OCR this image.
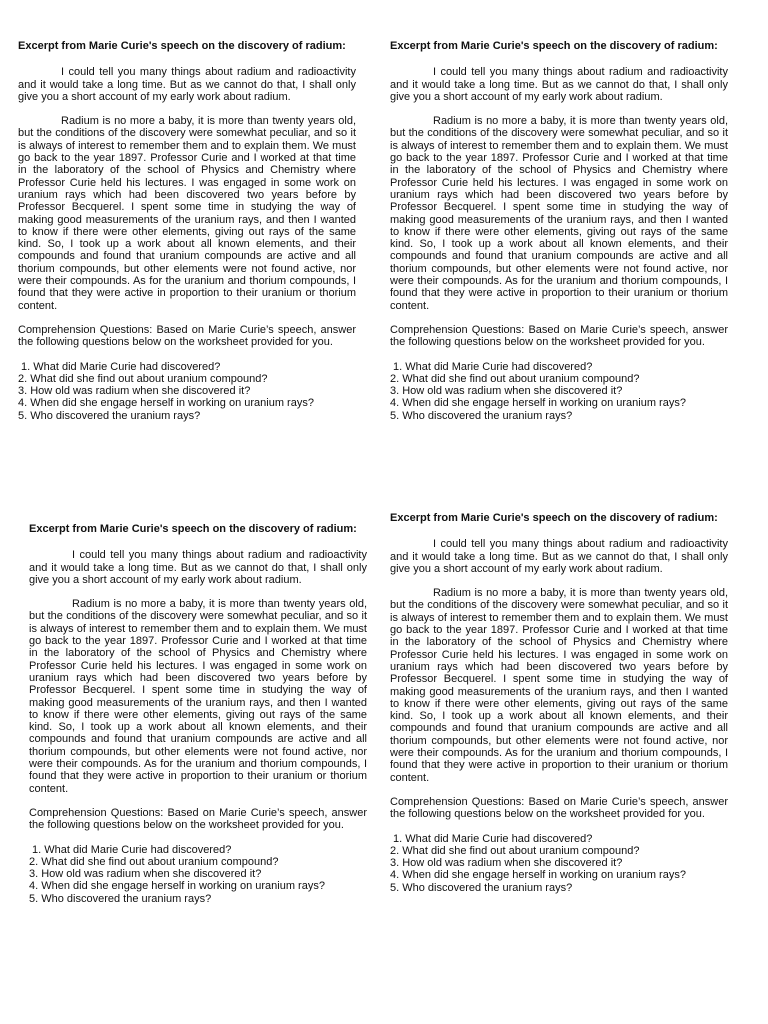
Excerpt from Marie Curie's speech on the discovery of radium:

I could tell you many things about radium and radioactivity and it would take a long time. But as we cannot do that, I shall only give you a short account of my early work about radium.

Radium is no more a baby, it is more than twenty years old, but the conditions of the discovery were somewhat peculiar, and so it is always of interest to remember them and to explain them. We must go back to the year 1897. Professor Curie and I worked at that time in the laboratory of the school of Physics and Chemistry where Professor Curie held his lectures. I was engaged in some work on uranium rays which had been discovered two years before by Professor Becquerel. I spent some time in studying the way of making good measurements of the uranium rays, and then I wanted to know if there were other elements, giving out rays of the same kind. So, I took up a work about all known elements, and their compounds and found that uranium compounds are active and all thorium compounds, but other elements were not found active, nor were their compounds. As for the uranium and thorium compounds, I found that they were active in proportion to their uranium or thorium content.

Comprehension Questions: Based on Marie Curie’s speech, answer the following questions below on the worksheet provided for you.

1. What did Marie Curie had discovered?
2. What did she find out about uranium compound?
3. How old was radium when she discovered it?
4. When did she engage herself in working on uranium rays?
5. Who discovered the uranium rays?
Excerpt from Marie Curie's speech on the discovery of radium:

I could tell you many things about radium and radioactivity and it would take a long time. But as we cannot do that, I shall only give you a short account of my early work about radium.

Radium is no more a baby, it is more than twenty years old, but the conditions of the discovery were somewhat peculiar, and so it is always of interest to remember them and to explain them. We must go back to the year 1897. Professor Curie and I worked at that time in the laboratory of the school of Physics and Chemistry where Professor Curie held his lectures. I was engaged in some work on uranium rays which had been discovered two years before by Professor Becquerel. I spent some time in studying the way of making good measurements of the uranium rays, and then I wanted to know if there were other elements, giving out rays of the same kind. So, I took up a work about all known elements, and their compounds and found that uranium compounds are active and all thorium compounds, but other elements were not found active, nor were their compounds. As for the uranium and thorium compounds, I found that they were active in proportion to their uranium or thorium content.

Comprehension Questions: Based on Marie Curie’s speech, answer the following questions below on the worksheet provided for you.

1. What did Marie Curie had discovered?
2. What did she find out about uranium compound?
3. How old was radium when she discovered it?
4. When did she engage herself in working on uranium rays?
5. Who discovered the uranium rays?
Excerpt from Marie Curie's speech on the discovery of radium:

I could tell you many things about radium and radioactivity and it would take a long time. But as we cannot do that, I shall only give you a short account of my early work about radium.

Radium is no more a baby, it is more than twenty years old, but the conditions of the discovery were somewhat peculiar, and so it is always of interest to remember them and to explain them. We must go back to the year 1897. Professor Curie and I worked at that time in the laboratory of the school of Physics and Chemistry where Professor Curie held his lectures. I was engaged in some work on uranium rays which had been discovered two years before by Professor Becquerel. I spent some time in studying the way of making good measurements of the uranium rays, and then I wanted to know if there were other elements, giving out rays of the same kind. So, I took up a work about all known elements, and their compounds and found that uranium compounds are active and all thorium compounds, but other elements were not found active, nor were their compounds. As for the uranium and thorium compounds, I found that they were active in proportion to their uranium or thorium content.

Comprehension Questions: Based on Marie Curie’s speech, answer the following questions below on the worksheet provided for you.

1. What did Marie Curie had discovered?
2. What did she find out about uranium compound?
3. How old was radium when she discovered it?
4. When did she engage herself in working on uranium rays?
5. Who discovered the uranium rays?
Excerpt from Marie Curie's speech on the discovery of radium:

I could tell you many things about radium and radioactivity and it would take a long time. But as we cannot do that, I shall only give you a short account of my early work about radium.

Radium is no more a baby, it is more than twenty years old, but the conditions of the discovery were somewhat peculiar, and so it is always of interest to remember them and to explain them. We must go back to the year 1897. Professor Curie and I worked at that time in the laboratory of the school of Physics and Chemistry where Professor Curie held his lectures. I was engaged in some work on uranium rays which had been discovered two years before by Professor Becquerel. I spent some time in studying the way of making good measurements of the uranium rays, and then I wanted to know if there were other elements, giving out rays of the same kind. So, I took up a work about all known elements, and their compounds and found that uranium compounds are active and all thorium compounds, but other elements were not found active, nor were their compounds. As for the uranium and thorium compounds, I found that they were active in proportion to their uranium or thorium content.

Comprehension Questions: Based on Marie Curie’s speech, answer the following questions below on the worksheet provided for you.

1. What did Marie Curie had discovered?
2. What did she find out about uranium compound?
3. How old was radium when she discovered it?
4. When did she engage herself in working on uranium rays?
5. Who discovered the uranium rays?
